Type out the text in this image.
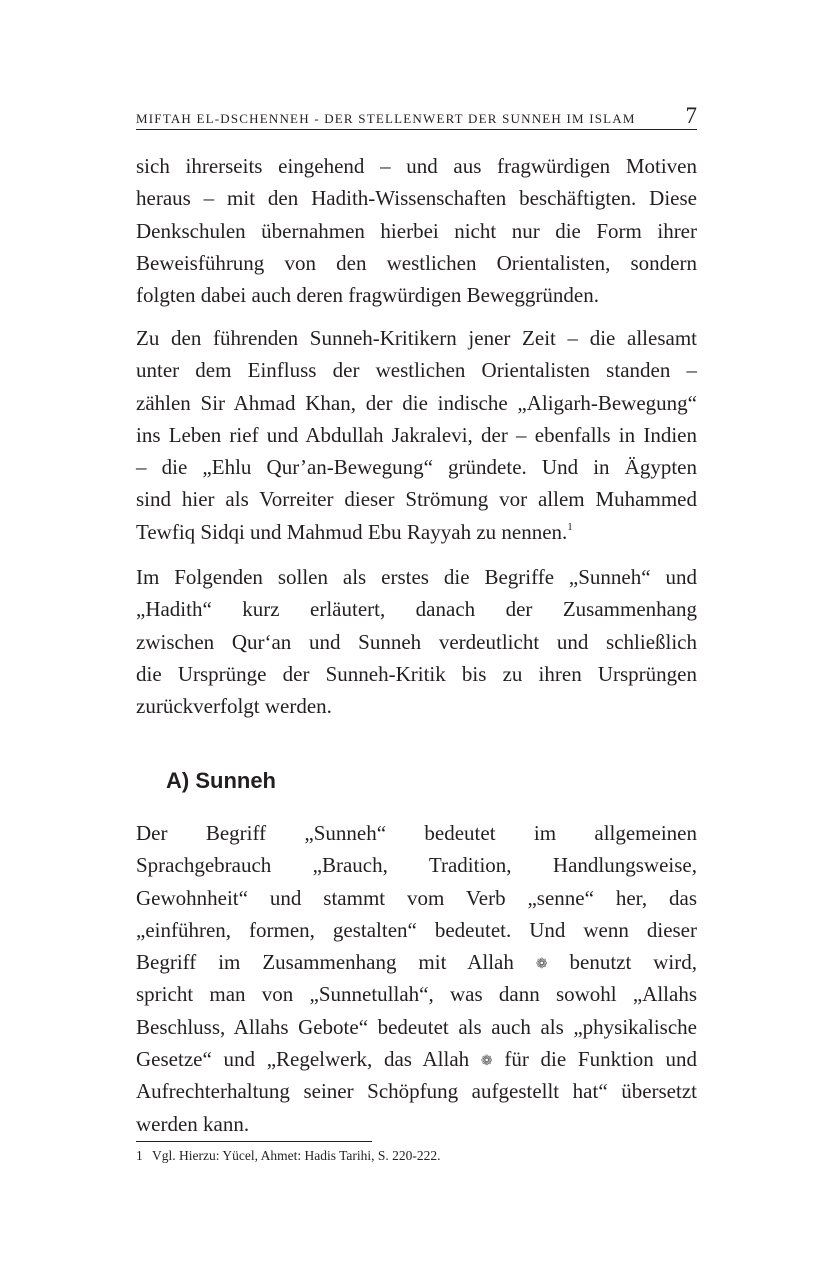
MIFTAH EL-DSCHENNEH - DER STELLENWERT DER SUNNEH IM ISLAM 7

sich ihrerseits eingehend – und aus fragwürdigen Motiven
heraus – mit den Hadith-Wissenschaften beschäftigten. Diese
Denkschulen übernahmen hierbei nicht nur die Form ihrer
Beweisführung von den westlichen Orientalisten, sondern
folgten dabei auch deren fragwürdigen Beweggründen.

Zu den führenden Sunneh-Kritikern jener Zeit – die allesamt
unter dem Einfluss der westlichen Orientalisten standen –
zählen Sir Ahmad Khan, der die indische „Aligarh-Bewegung“
ins Leben rief und Abdullah Jakralevi, der – ebenfalls in Indien
– die „Ehlu Qur’an-Bewegung“ gründete. Und in Ägypten
sind hier als Vorreiter dieser Strömung vor allem Muhammed
Tewfiq Sidqi und Mahmud Ebu Rayyah zu nennen.$^1$

Im Folgenden sollen als erstes die Begriffe „Sunneh“ und
„Hadith“ kurz erläutert, danach der Zusammenhang
zwischen Qur‘an und Sunneh verdeutlicht und schließlich
die Ursprünge der Sunneh-Kritik bis zu ihren Ursprüngen
zurückverfolgt werden.

A) Sunneh

Der Begriff „Sunneh“ bedeutet im allgemeinen
Sprachgebrauch „Brauch, Tradition, Handlungsweise,
Gewohnheit“ und stammt vom Verb „senne“ her, das
„einführen, formen, gestalten“ bedeutet. Und wenn dieser
Begriff im Zusammenhang mit Allah ❁ benutzt wird,
spricht man von „Sunnetullah“, was dann sowohl „Allahs
Beschluss, Allahs Gebote“ bedeutet als auch als „physikalische
Gesetze“ und „Regelwerk, das Allah ❁ für die Funktion und
Aufrechterhaltung seiner Schöpfung aufgestellt hat“ übersetzt
werden kann.

1 Vgl. Hierzu: Yücel, Ahmet: Hadis Tarihi, S. 220-222.
